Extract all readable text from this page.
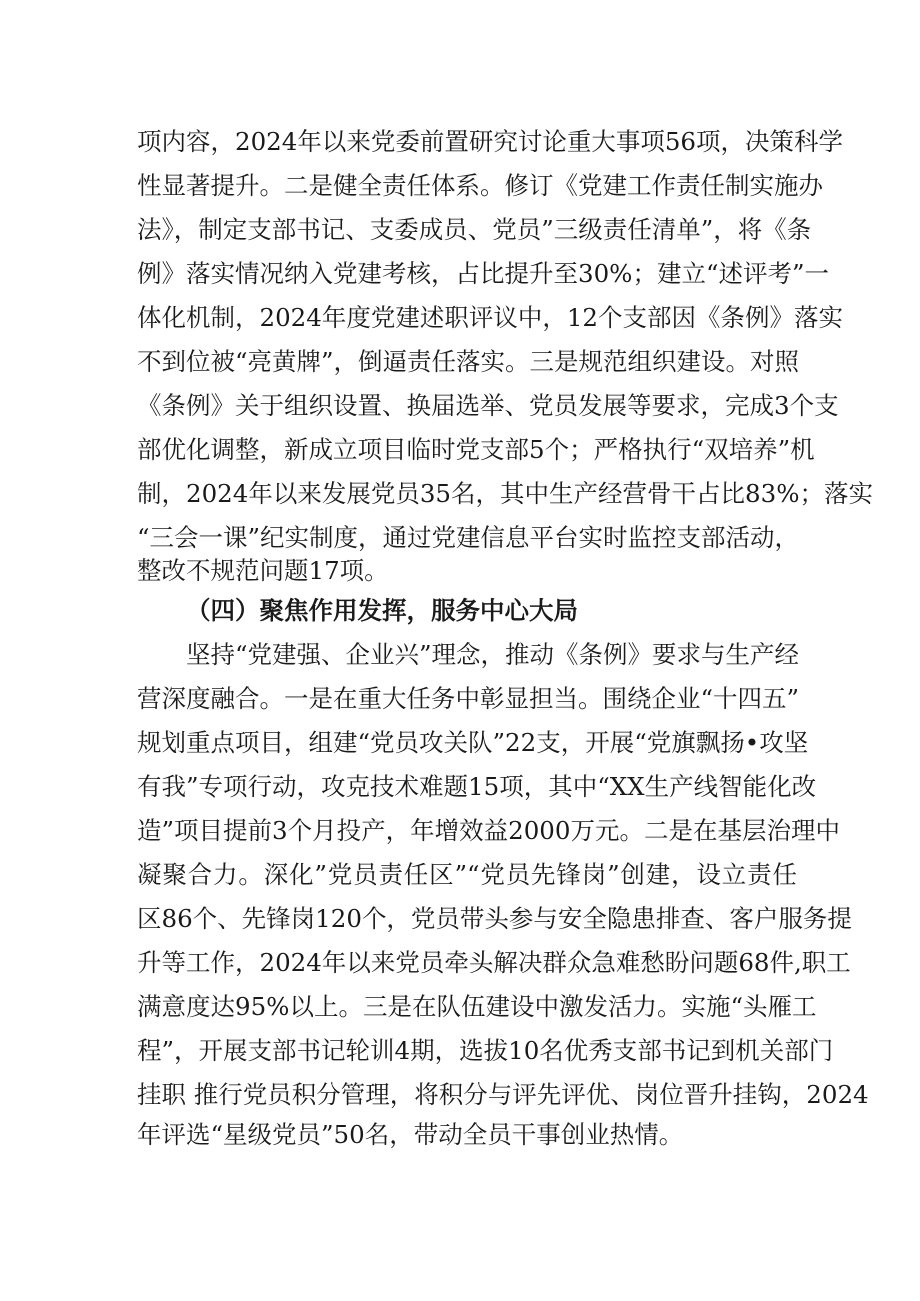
项内容，2024年以来党委前置研究讨论重大事项56项，决策科学
性显著提升。二是健全责任体系。修订《党建工作责任制实施办
法》，制定支部书记、支委成员、党员”三级责任清单”，将《条
例》落实情况纳入党建考核，占比提升至30%；建立“述评考”一
体化机制，2024年度党建述职评议中，12个支部因《条例》落实
不到位被“亮黄牌”，倒逼责任落实。三是规范组织建设。对照
《条例》关于组织设置、换届选举、党员发展等要求，完成3个支
部优化调整，新成立项目临时党支部5个；严格执行“双培养”机
制，2024年以来发展党员35名，其中生产经营骨干占比83%；落实
“三会一课”纪实制度，通过党建信息平台实时监控支部活动，
整改不规范问题17项。
（四）聚焦作用发挥，服务中心大局
坚持“党建强、企业兴”理念，推动《条例》要求与生产经
营深度融合。一是在重大任务中彰显担当。围绕企业“十四五”
规划重点项目，组建“党员攻关队”22支，开展“党旗飘扬•攻坚
有我”专项行动，攻克技术难题15项，其中“XX生产线智能化改
造”项目提前3个月投产，年增效益2000万元。二是在基层治理中
凝聚合力。深化”党员责任区”“党员先锋岗”创建，设立责任
区86个、先锋岗120个，党员带头参与安全隐患排查、客户服务提
升等工作，2024年以来党员牵头解决群众急难愁盼问题68件,职工
满意度达95%以上。三是在队伍建设中激发活力。实施“头雁工
程”，开展支部书记轮训4期，选拔10名优秀支部书记到机关部门
挂职 推行党员积分管理，将积分与评先评优、岗位晋升挂钩，2024
年评选“星级党员”50名，带动全员干事创业热情。
